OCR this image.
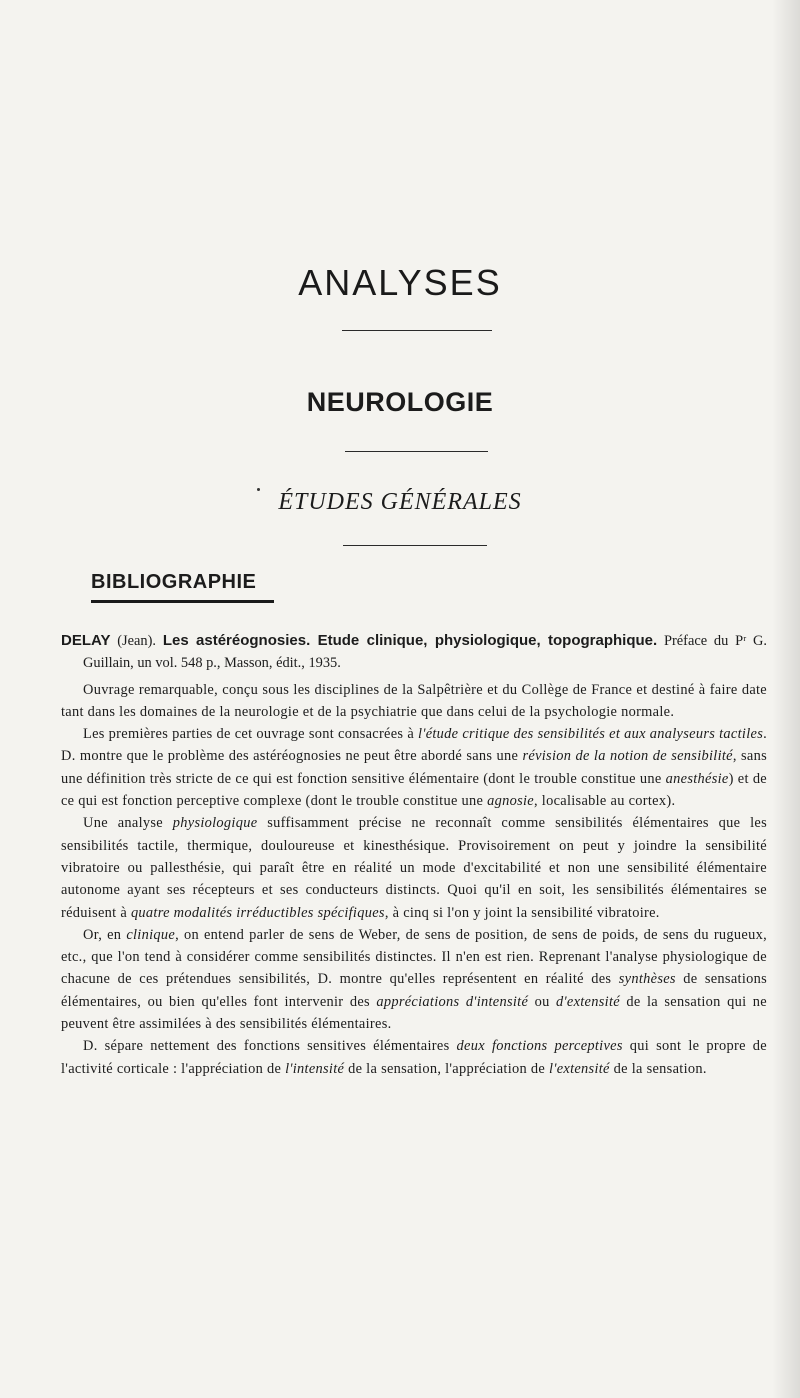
ANALYSES
NEUROLOGIE
ÉTUDES GÉNÉRALES
BIBLIOGRAPHIE

DELAY (Jean). Les astéréognosies. Etude clinique, physiologique, topographique. Préface du Pʳ G. Guillain, un vol. 548 p., Masson, édit., 1935.

Ouvrage remarquable, conçu sous les disciplines de la Salpêtrière et du Collège de France et destiné à faire date tant dans les domaines de la neurologie et de la psychiatrie que dans celui de la psychologie normale.

Les premières parties de cet ouvrage sont consacrées à l'étude critique des sensibilités et aux analyseurs tactiles. D. montre que le problème des astéréognosies ne peut être abordé sans une révision de la notion de sensibilité, sans une définition très stricte de ce qui est fonction sensitive élémentaire (dont le trouble constitue une anesthésie) et de ce qui est fonction perceptive complexe (dont le trouble constitue une agnosie, localisable au cortex).

Une analyse physiologique suffisamment précise ne reconnaît comme sensibilités élémentaires que les sensibilités tactile, thermique, douloureuse et kinesthésique. Provisoirement on peut y joindre la sensibilité vibratoire ou pallesthésie, qui paraît être en réalité un mode d'excitabilité et non une sensibilité élémentaire autonome ayant ses récepteurs et ses conducteurs distincts. Quoi qu'il en soit, les sensibilités élémentaires se réduisent à quatre modalités irréductibles spécifiques, à cinq si l'on y joint la sensibilité vibratoire.

Or, en clinique, on entend parler de sens de Weber, de sens de position, de sens de poids, de sens du rugueux, etc., que l'on tend à considérer comme sensibilités distinctes. Il n'en est rien. Reprenant l'analyse physiologique de chacune de ces prétendues sensibilités, D. montre qu'elles représentent en réalité des synthèses de sensations élémentaires, ou bien qu'elles font intervenir des appréciations d'intensité ou d'extensité de la sensation qui ne peuvent être assimilées à des sensibilités élémentaires.

D. sépare nettement des fonctions sensitives élémentaires deux fonctions perceptives qui sont le propre de l'activité corticale : l'appréciation de l'intensité de la sensation, l'appréciation de l'extensité de la sensation.
